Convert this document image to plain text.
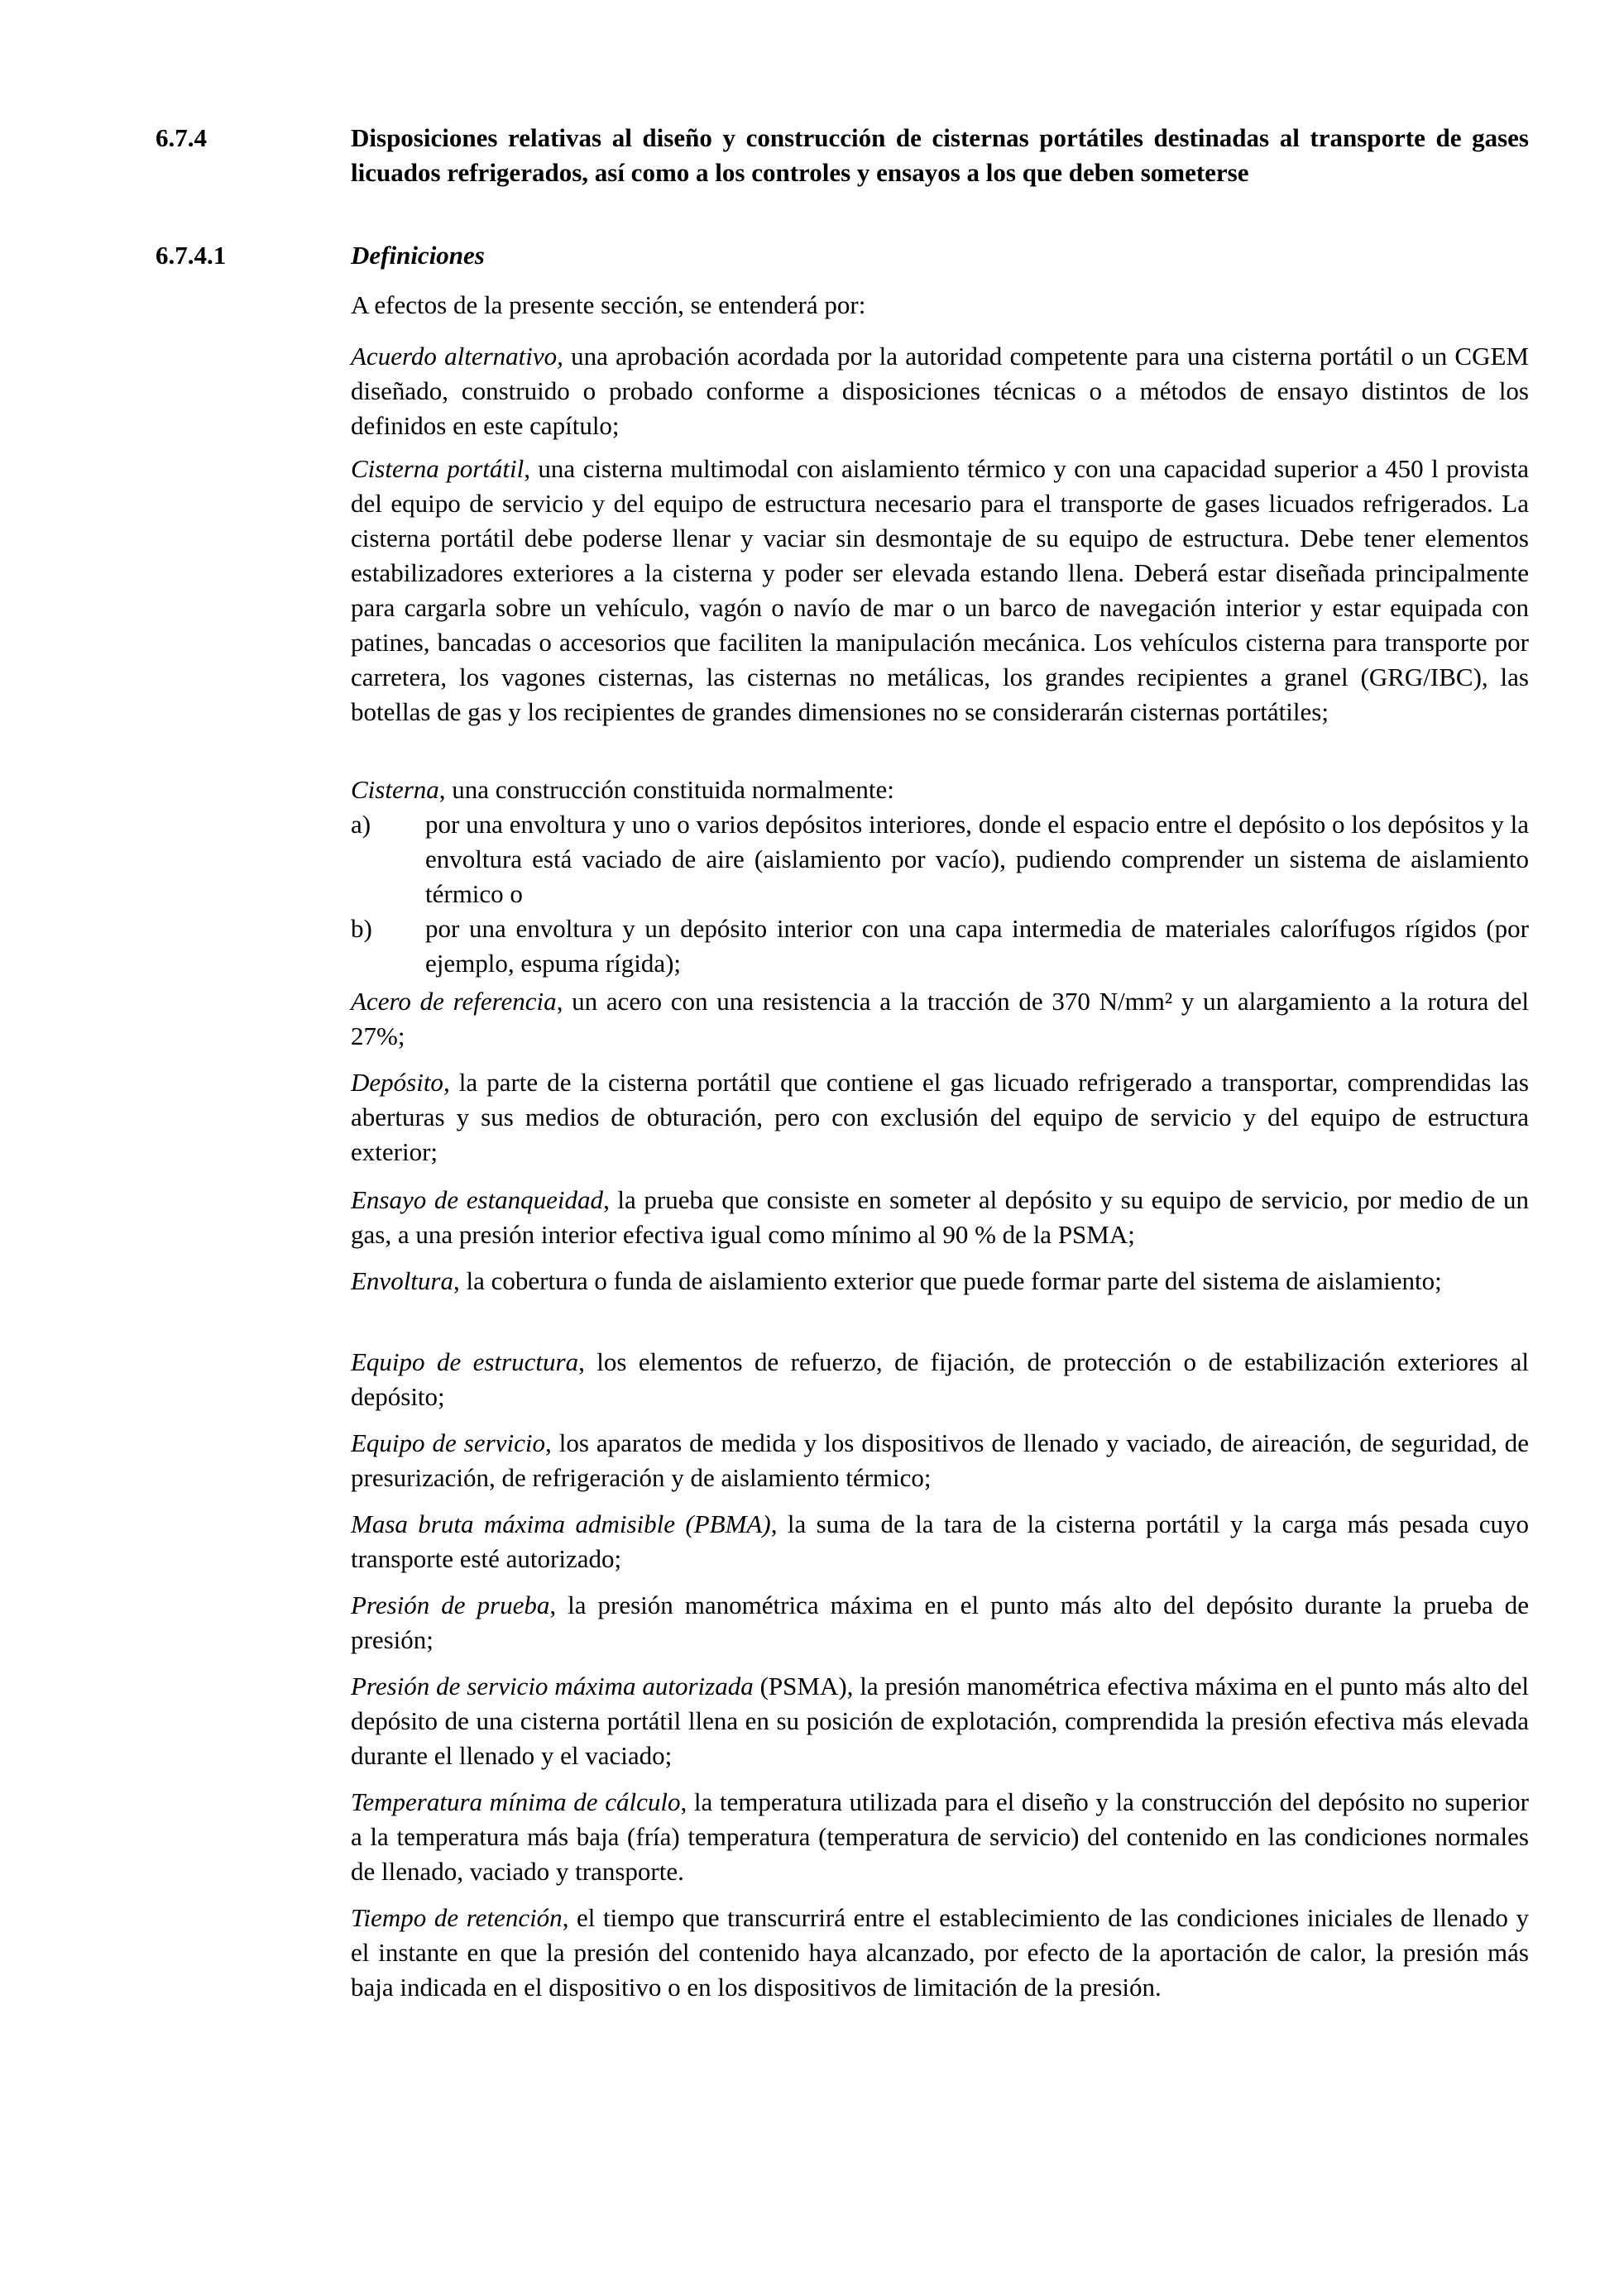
6.7.4	Disposiciones relativas al diseño y construcción de cisternas portátiles destinadas al transporte de gases licuados refrigerados, así como a los controles y ensayos a los que deben someterse
6.7.4.1	Definiciones
A efectos de la presente sección, se entenderá por:
Acuerdo alternativo, una aprobación acordada por la autoridad competente para una cisterna portátil o un CGEM diseñado, construido o probado conforme a disposiciones técnicas o a métodos de ensayo distintos de los definidos en este capítulo;
Cisterna portátil, una cisterna multimodal con aislamiento térmico y con una capacidad superior a 450 l provista del equipo de servicio y del equipo de estructura necesario para el transporte de gases licuados refrigerados. La cisterna portátil debe poderse llenar y vaciar sin desmontaje de su equipo de estructura. Debe tener elementos estabilizadores exteriores a la cisterna y poder ser elevada estando llena. Deberá estar diseñada principalmente para cargarla sobre un vehículo, vagón o navío de mar o un barco de navegación interior y estar equipada con patines, bancadas o accesorios que faciliten la manipulación mecánica. Los vehículos cisterna para transporte por carretera, los vagones cisternas, las cisternas no metálicas, los grandes recipientes a granel (GRG/IBC), las botellas de gas y los recipientes de grandes dimensiones no se considerarán cisternas portátiles;
Cisterna, una construcción constituida normalmente:
a)	por una envoltura y uno o varios depósitos interiores, donde el espacio entre el depósito o los depósitos y la envoltura está vaciado de aire (aislamiento por vacío), pudiendo comprender un sistema de aislamiento térmico o
b)	por una envoltura y un depósito interior con una capa intermedia de materiales calorífugos rígidos (por ejemplo, espuma rígida);
Acero de referencia, un acero con una resistencia a la tracción de 370 N/mm² y un alargamiento a la rotura del 27%;
Depósito, la parte de la cisterna portátil que contiene el gas licuado refrigerado a transportar, comprendidas las aberturas y sus medios de obturación, pero con exclusión del equipo de servicio y del equipo de estructura exterior;
Ensayo de estanqueidad, la prueba que consiste en someter al depósito y su equipo de servicio, por medio de un gas, a una presión interior efectiva igual como mínimo al 90 % de la PSMA;
Envoltura, la cobertura o funda de aislamiento exterior que puede formar parte del sistema de aislamiento;
Equipo de estructura, los elementos de refuerzo, de fijación, de protección o de estabilización exteriores al depósito;
Equipo de servicio, los aparatos de medida y los dispositivos de llenado y vaciado, de aireación, de seguridad, de presurización, de refrigeración y de aislamiento térmico;
Masa bruta máxima admisible (PBMA), la suma de la tara de la cisterna portátil y la carga más pesada cuyo transporte esté autorizado;
Presión de prueba, la presión manométrica máxima en el punto más alto del depósito durante la prueba de presión;
Presión de servicio máxima autorizada (PSMA), la presión manométrica efectiva máxima en el punto más alto del depósito de una cisterna portátil llena en su posición de explotación, comprendida la presión efectiva más elevada durante el llenado y el vaciado;
Temperatura mínima de cálculo, la temperatura utilizada para el diseño y la construcción del depósito no superior a la temperatura más baja (fría) temperatura (temperatura de servicio) del contenido en las condiciones normales de llenado, vaciado y transporte.
Tiempo de retención, el tiempo que transcurrirá entre el establecimiento de las condiciones iniciales de llenado y el instante en que la presión del contenido haya alcanzado, por efecto de la aportación de calor, la presión más baja indicada en el dispositivo o en los dispositivos de limitación de la presión.
